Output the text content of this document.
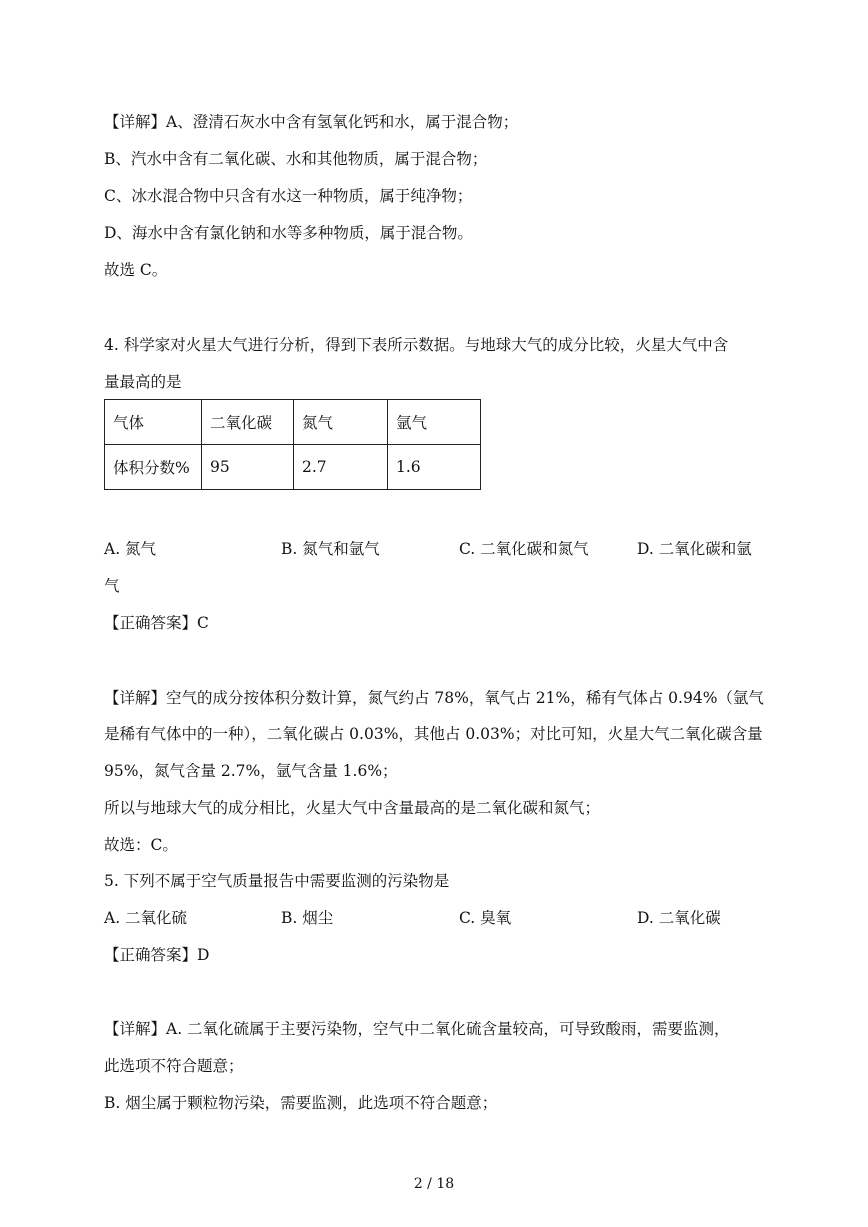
【详解】A、澄清石灰水中含有氢氧化钙和水，属于混合物；
B、汽水中含有二氧化碳、水和其他物质，属于混合物；
C、冰水混合物中只含有水这一种物质，属于纯净物；
D、海水中含有氯化钠和水等多种物质，属于混合物。
故选 C。
4. 科学家对火星大气进行分析，得到下表所示数据。与地球大气的成分比较，火星大气中含
量最高的是
气体	二氧化碳	氮气	氩气
体积分数%	95	2.7	1.6
A. 氮气	B. 氮气和氩气	C. 二氧化碳和氮气	D. 二氧化碳和氩
气
【正确答案】C
【详解】空气的成分按体积分数计算，氮气约占 78%，氧气占 21%，稀有气体占 0.94%（氩气
是稀有气体中的一种），二氧化碳占 0.03%，其他占 0.03%；对比可知，火星大气二氧化碳含量
95%，氮气含量 2.7%，氩气含量 1.6%；
所以与地球大气的成分相比，火星大气中含量最高的是二氧化碳和氮气；
故选：C。
5. 下列不属于空气质量报告中需要监测的污染物是
A. 二氧化硫	B. 烟尘	C. 臭氧	D. 二氧化碳
【正确答案】D
【详解】A. 二氧化硫属于主要污染物，空气中二氧化硫含量较高，可导致酸雨，需要监测，
此选项不符合题意；
B. 烟尘属于颗粒物污染，需要监测，此选项不符合题意；
2 / 18
